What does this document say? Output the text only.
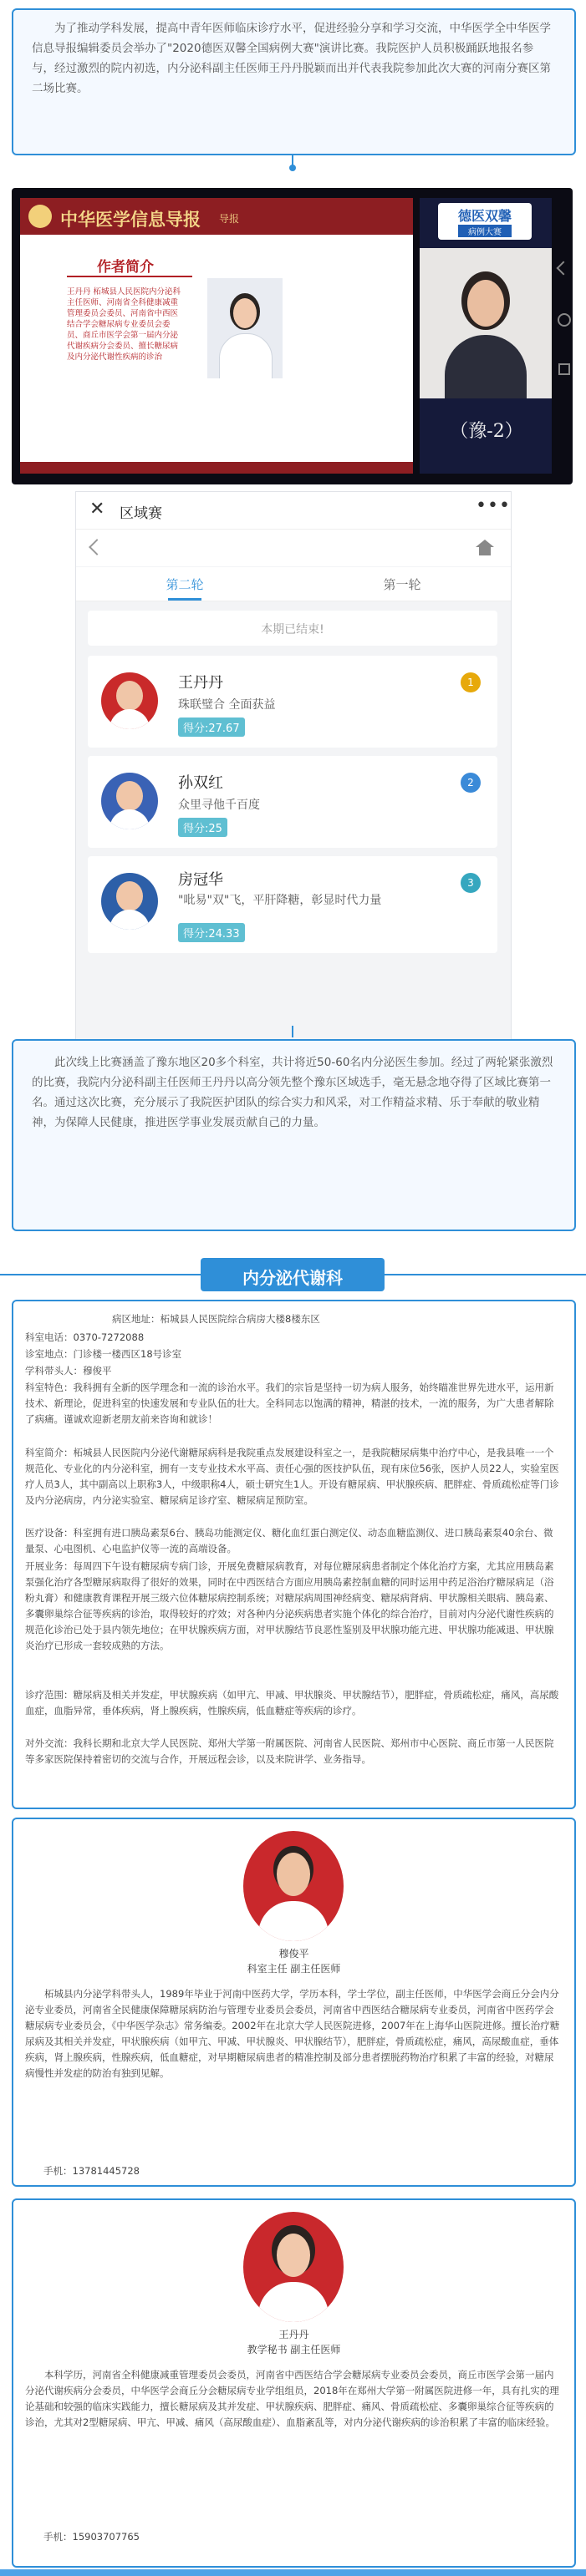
为了推动学科发展，提高中青年医师临床诊疗水平，促进经验分享和学习交流，中华医学全中华医学信息导报编辑委员会举办了"2020德医双馨全国病例大赛"演讲比赛。我院医护人员积极踊跃地报名参与，经过激烈的院内初选，内分泌科副主任医师王丹丹脱颖而出并代表我院参加此次大赛的河南分赛区第二场比赛。
中华医学信息导报 导报
作者简介
王丹丹 柘城县人民医院内分泌科主任医师、河南省全科健康减重管理委员会委员、河南省中西医结合学会糖尿病专业委员会委员、商丘市医学会第一届内分泌代谢疾病分会委员、擅长糖尿病及内分泌代谢性疾病的诊治
德医双馨
病例大赛
（豫-2）
✕ 区域赛	•••
第二轮	第一轮
本期已结束!
王丹丹
珠联璧合 全面获益
得分:27.67
1
孙双红
众里寻他千百度
得分:25
2
房冠华
"吡易"双"飞，平肝降糖，彰显时代力量
得分:24.33
3
此次线上比赛涵盖了豫东地区20多个科室，共计将近50-60名内分泌医生参加。经过了两轮紧张激烈的比赛，我院内分泌科副主任医师王丹丹以高分领先整个豫东区域选手，毫无悬念地夺得了区域比赛第一名。通过这次比赛，充分展示了我院医护团队的综合实力和风采，对工作精益求精、乐于奉献的敬业精神，为保障人民健康，推进医学事业发展贡献自己的力量。
内分泌代谢科
病区地址：柘城县人民医院综合病房大楼8楼东区
科室电话：0370-7272088
诊室地点：门诊楼一楼西区18号诊室
学科带头人：穆俊平
科室特色：我科拥有全新的医学理念和一流的诊治水平。我们的宗旨是坚持一切为病人服务，始终瞄准世界先进水平，运用新技术、新理论，促进科室的快速发展和专业队伍的壮大。全科同志以饱满的精神，精湛的技术，一流的服务，为广大患者解除了病痛。谨诚欢迎新老朋友前来咨询和就诊！
科室简介：柘城县人民医院内分泌代谢糖尿病科是我院重点发展建设科室之一，是我院糖尿病集中治疗中心，是我县唯一一个规范化、专业化的内分泌科室，拥有一支专业技术水平高、责任心强的医技护队伍，现有床位56张，医护人员22人，实验室医疗人员3人，其中副高以上职称3人，中级职称4人，硕士研究生1人。开设有糖尿病、甲状腺疾病、肥胖症、骨质疏松症等门诊及内分泌病房，内分泌实验室、糖尿病足诊疗室、糖尿病足预防室。
医疗设备：科室拥有进口胰岛素泵6台、胰岛功能测定仪、糖化血红蛋白测定仪、动态血糖监测仪、进口胰岛素泵40余台、微量泵、心电图机、心电监护仪等一流的高端设备。
开展业务：每周四下午设有糖尿病专病门诊，开展免费糖尿病教育，对每位糖尿病患者制定个体化治疗方案，尤其应用胰岛素泵强化治疗各型糖尿病取得了很好的效果，同时在中西医结合方面应用胰岛素控制血糖的同时运用中药足浴治疗糖尿病足（浴粉丸膏）和健康教育课程开展三级六位体糖尿病控制系统；对糖尿病周围神经病变、糖尿病肾病、甲状腺相关眼病、胰岛素、多囊卵巢综合征等疾病的诊治，取得较好的疗效；对各种内分泌疾病患者实施个体化的综合治疗，目前对内分泌代谢性疾病的规范化诊治已处于县内领先地位；在甲状腺疾病方面，对甲状腺结节良恶性鉴别及甲状腺功能亢进、甲状腺功能减退、甲状腺炎治疗已形成一套较成熟的方法。
诊疗范围：糖尿病及相关并发症，甲状腺疾病（如甲亢、甲减、甲状腺炎、甲状腺结节），肥胖症，骨质疏松症，痛风，高尿酸血症，血脂异常，垂体疾病，肾上腺疾病，性腺疾病，低血糖症等疾病的诊疗。
对外交流：我科长期和北京大学人民医院、郑州大学第一附属医院、河南省人民医院、郑州市中心医院、商丘市第一人民医院等多家医院保持着密切的交流与合作，开展远程会诊，以及来院讲学、业务指导。
穆俊平
科室主任 副主任医师
柘城县内分泌学科带头人，1989年毕业于河南中医药大学，学历本科，学士学位，副主任医师，中华医学会商丘分会内分泌专业委员，河南省全民健康保障糖尿病防治与管理专业委员会委员，河南省中西医结合糖尿病专业委员，河南省中医药学会糖尿病专业委员会，《中华医学杂志》常务编委。2002年在北京大学人民医院进修，2007年在上海华山医院进修。擅长治疗糖尿病及其相关并发症，甲状腺疾病（如甲亢、甲减、甲状腺炎、甲状腺结节），肥胖症，骨质疏松症，痛风，高尿酸血症，垂体疾病，肾上腺疾病，性腺疾病，低血糖症，对早期糖尿病患者的精准控制及部分患者摆脱药物治疗积累了丰富的经验，对糖尿病慢性并发症的防治有独到见解。
手机：13781445728
王丹丹
教学秘书 副主任医师
本科学历，河南省全科健康减重管理委员会委员，河南省中西医结合学会糖尿病专业委员会委员，商丘市医学会第一届内分泌代谢疾病分会委员，中华医学会商丘分会糖尿病专业学组组员，2018年在郑州大学第一附属医院进修一年，具有扎实的理论基础和较强的临床实践能力，擅长糖尿病及其并发症、甲状腺疾病、肥胖症、痛风、骨质疏松症、多囊卵巢综合征等疾病的诊治，尤其对2型糖尿病、甲亢、甲减、痛风（高尿酸血症）、血脂紊乱等，对内分泌代谢疾病的诊治积累了丰富的临床经验。
手机：15903707765
